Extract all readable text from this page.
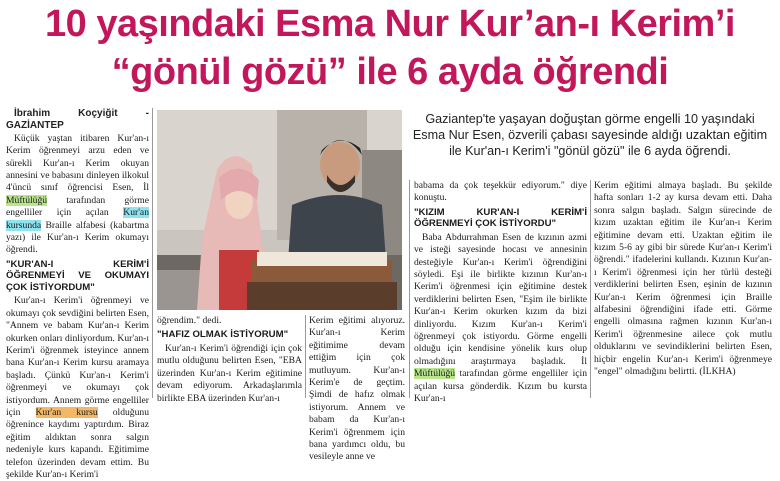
10 yaşındaki Esma Nur Kur’an-ı Kerim’i
“gönül gözü” ile 6 ayda öğrendi

İbrahim Koçyiğit - GAZİANTEP

Küçük yaştan itibaren Kur'an-ı Kerim öğrenmeyi arzu eden ve sürekli Kur'an-ı Kerim okuyan annesini ve babasını dinleyen ilkokul 4'üncü sınıf öğrencisi Esen, İl Müftülüğü tarafından görme engelliler için açılan Kur'an kursunda Braille alfabesi (kabartma yazı) ile Kur'an-ı Kerim okumayı öğrendi.

"KUR'AN-I KERİM'İ ÖĞRENMEYİ VE OKUMAYI ÇOK İSTİYORDUM"

Kur'an-ı Kerim'i öğrenmeyi ve okumayı çok sevdiğini belirten Esen, "Annem ve babam Kur'an-ı Kerim okurken onları dinliyordum. Kur'an-ı Kerim'i öğrenmek isteyince annem bana Kur'an-ı Kerim kursu aramaya başladı. Çünkü Kur'an-ı Kerim'i öğrenmeyi ve okumayı çok istiyordum. Annem görme engelliler için Kur'an kursu olduğunu öğrenince kaydımı yaptırdım. Biraz eğitim aldıktan sonra salgın nedeniyle kurs kapandı. Eğitimime telefon üzerinden devam ettim. Bu şekilde Kur'an-ı Kerim'i

Gaziantep'te yaşayan doğuştan görme engelli 10 yaşındaki Esma Nur Esen, özverili çabası sayesinde aldığı uzaktan eğitim ile Kur'an-ı Kerim'i "gönül gözü" ile 6 ayda öğrendi.

öğrendim." dedi.

"HAFIZ OLMAK İSTİYORUM"

Kur'an-ı Kerim'i öğrendiği için çok mutlu olduğunu belirten Esen, "EBA üzerinden Kur'an-ı Kerim eğitimine devam ediyorum. Arkadaşlarımla birlikte EBA üzerinden Kur'an-ı

Kerim eğitimi alıyoruz. Kur'an-ı Kerim eğitimime devam ettiğim için çok mutluyum. Kur'an-ı Kerim'e de geçtim. Şimdi de hafız olmak istiyorum. Annem ve babam da Kur'an-ı Kerim'i öğrenmem için bana yardımcı oldu, bu vesileyle anne ve

babama da çok teşekkür ediyorum." diye konuştu.

"KIZIM KUR'AN-I KERİM'İ ÖĞRENMEYİ ÇOK İSTİYORDU"

Baba Abdurrahman Esen de kızının azmi ve isteği sayesinde hocası ve annesinin desteğiyle Kur'an-ı Kerim'i öğrendiğini söyledi. Eşi ile birlikte kızının Kur'an-ı Kerim'i öğrenmesi için eğitimine destek verdiklerini belirten Esen, "Eşim ile birlikte Kur'an-ı Kerim okurken kızım da bizi dinliyordu. Kızım Kur'an-ı Kerim'i öğrenmeyi çok istiyordu. Görme engelli olduğu için kendisine yönelik kurs olup olmadığını araştırmaya başladık. İl Müftülüğü tarafından görme engelliler için açılan kursa gönderdik. Kızım bu kursta Kur'an-ı

Kerim eğitimi almaya başladı. Bu şekilde hafta sonları 1-2 ay kursa devam etti. Daha sonra salgın başladı. Salgın sürecinde de kızım uzaktan eğitim ile Kur'an-ı Kerim eğitimine devam etti. Uzaktan eğitim ile kızım 5-6 ay gibi bir sürede Kur'an-ı Kerim'i öğrendi." ifadelerini kullandı. Kızının Kur'an-ı Kerim'i öğrenmesi için her türlü desteği verdiklerini belirten Esen, eşinin de kızının Kur'an-ı Kerim öğrenmesi için Braille alfabesini öğrendiğini ifade etti. Görme engelli olmasına rağmen kızının Kur'an-ı Kerim'i öğrenmesine ailece çok mutlu olduklarını ve sevindiklerini belirten Esen, hiçbir engelin Kur'an-ı Kerim'i öğrenmeye "engel" olmadığını belirtti. (İLKHA)
